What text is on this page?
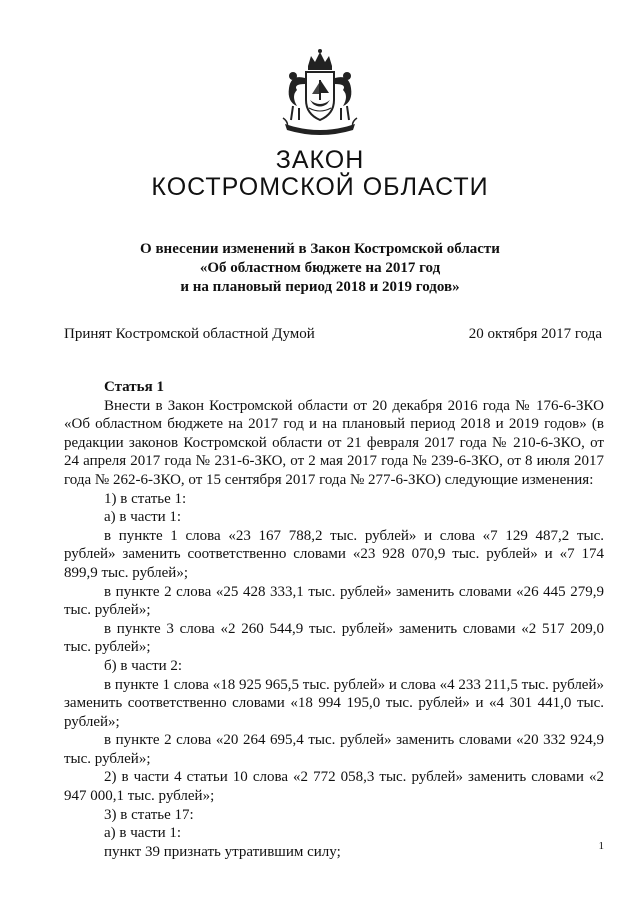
ЗАКОН
КОСТРОМСКОЙ ОБЛАСТИ
О внесении изменений в Закон Костромской области
«Об областном бюджете на 2017 год
и на плановый период 2018 и 2019 годов»
Принят Костромской областной Думой	20 октября 2017 года

Статья 1

Внести в Закон Костромской области от 20 декабря 2016 года № 176-6-ЗКО «Об областном бюджете на 2017 год и на плановый период 2018 и 2019 годов» (в редакции законов Костромской области от 21 февраля 2017 года № 210-6-ЗКО, от 24 апреля 2017 года № 231-6-ЗКО, от 2 мая 2017 года № 239-6-ЗКО, от 8 июля 2017 года № 262-6-ЗКО, от 15 сентября 2017 года № 277-6-ЗКО) следующие изменения:

1) в статье 1:

а) в части 1:

в пункте 1 слова «23 167 788,2 тыс. рублей» и слова «7 129 487,2 тыс. рублей» заменить соответственно словами «23 928 070,9 тыс. рублей» и «7 174 899,9 тыс. рублей»;

в пункте 2 слова «25 428 333,1 тыс. рублей» заменить словами «26 445 279,9 тыс. рублей»;

в пункте 3 слова «2 260 544,9 тыс. рублей» заменить словами «2 517 209,0 тыс. рублей»;

б) в части 2:

в пункте 1 слова «18 925 965,5 тыс. рублей» и слова «4 233 211,5 тыс. рублей» заменить соответственно словами «18 994 195,0 тыс. рублей» и «4 301 441,0 тыс. рублей»;

в пункте 2 слова «20 264 695,4 тыс. рублей» заменить словами «20 332 924,9 тыс. рублей»;

2) в части 4 статьи 10 слова «2 772 058,3 тыс. рублей» заменить словами «2 947 000,1 тыс. рублей»;

3) в статье 17:

а) в части 1:

пункт 39 признать утратившим силу;	1
